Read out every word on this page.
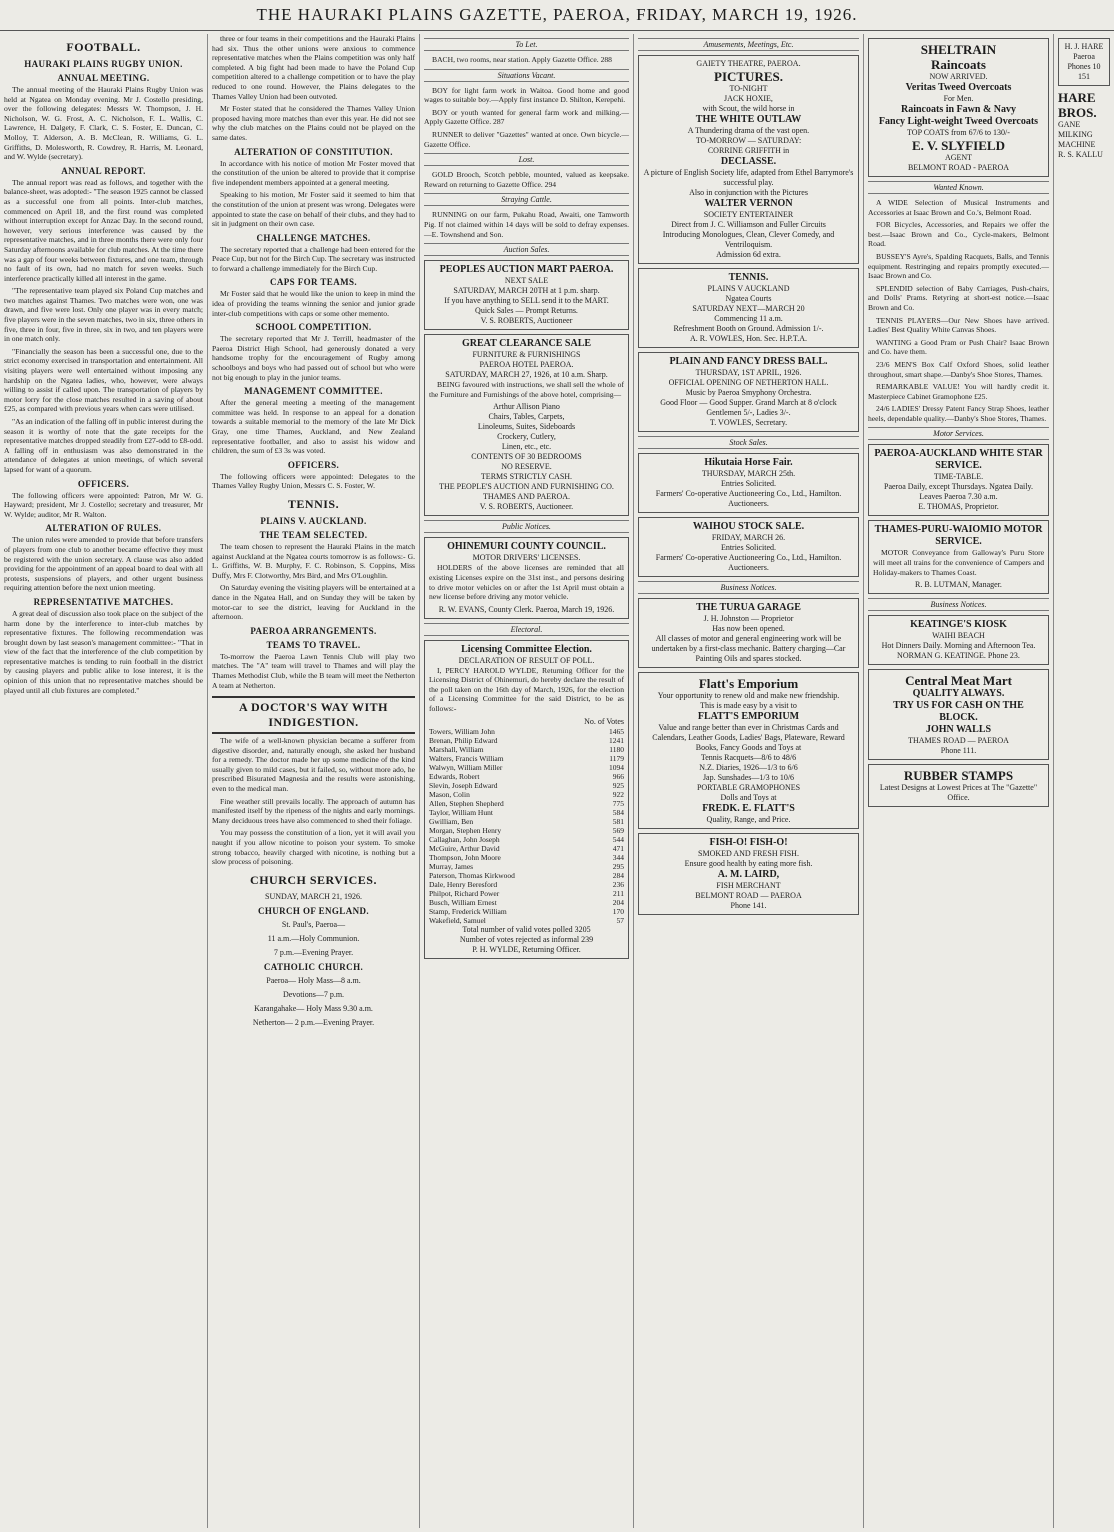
THE HAURAKI PLAINS GAZETTE, PAEROA, FRIDAY, MARCH 19, 1926.
FOOTBALL.
HAURAKI PLAINS RUGBY UNION.
ANNUAL MEETING.

The annual meeting of the Hauraki Plains Rugby Union was held at Ngatea on Monday evening. Mr J. Costello presiding, over the following delegates: Messrs W. Thompson, J. H. Nicholson, W. G. Frost, A. C. Nicholson, F. L. Wallis, C. Lawrence, H. Dalgety, F. Clark, C. S. Foster, E. Duncan, C. Molloy, T. Alderson, A. B. McClean, R. Williams, G. L. Griffiths, D. Molesworth, R. Cowdrey, R. Harris, M. Leonard, and W. Wylde (secretary).

ANNUAL REPORT.

The annual report was read as follows, and together with the balance-sheet, was adopted:- "The season 1925 cannot be classed as a successful one from all points. Inter-club matches, commenced on April 18, and the first round was completed without interruption except for Anzac Day. In the second round, however, very serious interference was caused by the representative matches, and in three months there were only four Saturday afternoons available for club matches. At the time there was a gap of four weeks between fixtures, and one team, through no fault of its own, had no match for seven weeks. Such interference practically killed all interest in the game.

"The representative team played six Poland Cup matches and two matches against Thames. Two matches were won, one was drawn, and five were lost. Only one player was in every match; five players were in the seven matches, two in six, three others in five, three in four, five in three, six in two, and ten players were in one match only.

"Financially the season has been a successful one, due to the strict economy exercised in transportation and entertainment. All visiting players were well entertained without imposing any hardship on the Ngatea ladies, who, however, were always willing to assist if called upon. The transportation of players by motor lorry for the close matches resulted in a saving of about £25, as compared with previous years when cars were utilised.

"As an indication of the falling off in public interest during the season it is worthy of note that the gate receipts for the representative matches dropped steadily from £27-odd to £8-odd. A falling off in enthusiasm was also demonstrated in the attendance of delegates at union meetings, of which several lapsed for want of a quorum.

OFFICERS.

The following officers were appointed: Patron, Mr W. G. Hayward; president, Mr J. Costello; secretary and treasurer, Mr W. Wylde; auditor, Mr R. Walton.

ALTERATION OF RULES.

The union rules were amended to provide that before transfers of players from one club to another became effective they must be registered with the union secretary. A clause was also added providing for the appointment of an appeal board to deal with all protests, suspensions of players, and other urgent business requiring attention before the next union meeting.

REPRESENTATIVE MATCHES.

A great deal of discussion also took place on the subject of the harm done by the interference to inter-club matches by representative fixtures. The following recommendation was brought down by last season's management committee:- "That in view of the fact that the interference of the club competition by representative matches is tending to ruin football in the district by causing players and public alike to lose interest, it is the opinion of this union that no representative matches should be played until all club fixtures are completed."

three or four teams in their competitions and the Hauraki Plains had six. Thus the other unions were anxious to commence representative matches when the Plains competition was only half completed. A big fight had been made to have the Poland Cup competition altered to a challenge competition or to have the play reduced to one round. However, the Plains delegates to the Thames Valley Union had been outvoted.

Mr Foster stated that he considered the Thames Valley Union proposed having more matches than ever this year. He did not see why the club matches on the Plains could not be played on the same dates.

ALTERATION OF CONSTITUTION.

In accordance with his notice of motion Mr Foster moved that the constitution of the union be altered to provide that it comprise five independent members appointed at a general meeting.

Speaking to his motion, Mr Foster said it seemed to him that the constitution of the union at present was wrong. Delegates were appointed to state the case on behalf of their clubs, and they had to sit in judgment on their own case.

CHALLENGE MATCHES.

The secretary reported that a challenge had been entered for the Peace Cup, but not for the Birch Cup. The secretary was instructed to forward a challenge immediately for the Birch Cup.

CAPS FOR TEAMS.

Mr Foster said that he would like the union to keep in mind the idea of providing the teams winning the senior and junior grade inter-club competitions with caps or some other memento.

SCHOOL COMPETITION.

The secretary reported that Mr J. Terrill, headmaster of the Paeroa District High School, had generously donated a very handsome trophy for the encouragement of Rugby among schoolboys and boys who had passed out of school but who were not big enough to play in the junior teams.

MANAGEMENT COMMITTEE.

After the general meeting a meeting of the management committee was held. In response to an appeal for a donation towards a suitable memorial to the memory of the late Mr Dick Gray, one time Thames, Auckland, and New Zealand representative footballer, and also to assist his widow and children, the sum of £3 3s was voted.

OFFICERS.

The following officers were appointed: Delegates to the Thames Valley Rugby Union, Messrs C. S. Foster, W.

TENNIS.
PLAINS V. AUCKLAND.
THE TEAM SELECTED.

The team chosen to represent the Hauraki Plains in the match against Auckland at the Ngatea courts tomorrow is as follows:- G. L. Griffiths, W. B. Murphy, F. C. Robinson, S. Coppins, Miss Duffy, Mrs F. Clotworthy, Mrs Bird, and Mrs O'Loughlin.

On Saturday evening the visiting players will be entertained at a dance in the Ngatea Hall, and on Sunday they will be taken by motor-car to see the district, leaving for Auckland in the afternoon.

PAEROA ARRANGEMENTS.
TEAMS TO TRAVEL.

To-morrow the Paeroa Lawn Tennis Club will play two matches. The "A" team will travel to Thames and will play the Thames Methodist Club, while the B team will meet the Netherton A team at Netherton.

A DOCTOR'S WAY WITH INDIGESTION.

The wife of a well-known physician became a sufferer from digestive disorder, and, naturally enough, she asked her husband for a remedy. The doctor made her up some medicine of the kind usually given to mild cases, but it failed, so, without more ado, he prescribed Bisurated Magnesia and the results were astonishing, even to the medical man.

Fine weather still prevails locally. The approach of autumn has manifested itself by the ripeness of the nights and early mornings. Many deciduous trees have also commenced to shed their foliage.

You may possess the constitution of a lion, yet it will avail you naught if you allow nicotine to poison your system. To smoke strong tobacco, heavily charged with nicotine, is nothing but a slow process of poisoning.

CHURCH SERVICES.

SUNDAY, MARCH 21, 1926.

CHURCH OF ENGLAND.

St. Paul's, Paeroa—

11 a.m.—Holy Communion.

7 p.m.—Evening Prayer.

CATHOLIC CHURCH.

Paeroa— Holy Mass—8 a.m.

Devotions—7 p.m.

Karangahake— Holy Mass 9.30 a.m.

Netherton— 2 p.m.—Evening Prayer.

To Let.

BACH, two rooms, near station. Apply Gazette Office. 288

Situations Vacant.

BOY for light farm work in Waitoa. Good home and good wages to suitable boy.—Apply first instance D. Shilton, Kerepehi.

BOY or youth wanted for general farm work and milking.—Apply Gazette Office. 287

RUNNER to deliver "Gazettes" wanted at once. Own bicycle.—Gazette Office.

Lost.

GOLD Brooch, Scotch pebble, mounted, valued as keepsake. Reward on returning to Gazette Office. 294

Straying Cattle.

RUNNING on our farm, Pukahu Road, Awaiti, one Tamworth Pig. If not claimed within 14 days will be sold to defray expenses.—E. Townshend and Son.

Auction Sales.
PEOPLES AUCTION MART PAEROA.
NEXT SALE
SATURDAY, MARCH 20TH at 1 p.m. sharp.
If you have anything to SELL send it to the MART.
Quick Sales — Prompt Returns.
V. S. ROBERTS, Auctioneer
GREAT CLEARANCE SALE
FURNITURE & FURNISHINGS
PAEROA HOTEL PAEROA.
SATURDAY, MARCH 27, 1926, at 10 a.m. Sharp.

BEING favoured with instructions, we shall sell the whole of the Furniture and Furnishings of the above hotel, comprising—

Arthur Allison Piano
Chairs, Tables, Carpets,
Linoleums, Suites, Sideboards
Crockery, Cutlery,
Linen, etc., etc.
CONTENTS OF 30 BEDROOMS
NO RESERVE.
TERMS STRICTLY CASH.
THE PEOPLE'S AUCTION AND FURNISHING CO.
THAMES AND PAEROA.
V. S. ROBERTS, Auctioneer.
Public Notices.
OHINEMURI COUNTY COUNCIL.
MOTOR DRIVERS' LICENSES.

HOLDERS of the above licenses are reminded that all existing Licenses expire on the 31st inst., and persons desiring to drive motor vehicles on or after the 1st April must obtain a new license before driving any motor vehicle.

R. W. EVANS, County Clerk. Paeroa, March 19, 1926.
Electoral.
Licensing Committee Election.
DECLARATION OF RESULT OF POLL.

I, PERCY HAROLD WYLDE, Returning Officer for the Licensing District of Ohinemuri, do hereby declare the result of the poll taken on the 16th day of March, 1926, for the election of a Licensing Committee for the said District, to be as follows:-

No. of Votes
Towers, William John	1465
Brenan, Philip Edward	1241
Marshall, William	1180
Walters, Francis William	1179
Walwyn, William Miller	1094
Edwards, Robert	966
Slevin, Joseph Edward	925
Mason, Colin	922
Allen, Stephen Shepherd	775
Taylor, William Hunt	584
Gwilliam, Ben	581
Morgan, Stephen Henry	569
Callaghan, John Joseph	544
McGuire, Arthur David	471
Thompson, John Moore	344
Murray, James	295
Paterson, Thomas Kirkwood	284
Dale, Henry Beresford	236
Philpot, Richard Power	211
Busch, William Ernest	204
Stamp, Frederick William	170
Wakefield, Samuel	57
Total number of valid votes polled 3205
Number of votes rejected as informal 239
P. H. WYLDE, Returning Officer.
Amusements, Meetings, Etc.
GAIETY THEATRE, PAEROA.
PICTURES.
TO-NIGHT
JACK HOXIE,
with Scout, the wild horse in
THE WHITE OUTLAW
A Thundering drama of the vast open.
TO-MORROW — SATURDAY:
CORRINE GRIFFITH in
DECLASSE.
A picture of English Society life, adapted from Ethel Barrymore's successful play.
Also in conjunction with the Pictures
WALTER VERNON
SOCIETY ENTERTAINER
Direct from J. C. Williamson and Fuller Circuits
Introducing Monologues, Clean, Clever Comedy, and Ventriloquism.
Admission 6d extra.
TENNIS.
PLAINS V AUCKLAND
Ngatea Courts
SATURDAY NEXT—MARCH 20
Commencing 11 a.m.
Refreshment Booth on Ground. Admission 1/-.
A. R. VOWLES, Hon. Sec. H.P.T.A.
PLAIN AND FANCY DRESS BALL.
THURSDAY, 1ST APRIL, 1926.
OFFICIAL OPENING OF NETHERTON HALL.
Music by Paeroa Smyphony Orchestra.
Good Floor — Good Supper. Grand March at 8 o'clock
Gentlemen 5/-, Ladies 3/-.
T. VOWLES, Secretary.
Stock Sales.
Hikutaia Horse Fair.
THURSDAY, MARCH 25th.
Entries Solicited.
Farmers' Co-operative Auctioneering Co., Ltd., Hamilton. Auctioneers.
WAIHOU STOCK SALE.
FRIDAY, MARCH 26.
Entries Solicited.
Farmers' Co-operative Auctioneering Co., Ltd., Hamilton. Auctioneers.
Business Notices.
THE TURUA GARAGE
J. H. Johnston — Proprietor
Has now been opened.
All classes of motor and general engineering work will be undertaken by a first-class mechanic. Battery charging—Car Painting Oils and spares stocked.
Flatt's Emporium
Your opportunity to renew old and make new friendship.
This is made easy by a visit to
FLATT'S EMPORIUM
Value and range better than ever in Christmas Cards and Calendars, Leather Goods, Ladies' Bags, Plateware, Reward Books, Fancy Goods and Toys at
Tennis Racquets—8/6 to 48/6
N.Z. Diaries, 1926—1/3 to 6/6
Jap. Sunshades—1/3 to 10/6
PORTABLE GRAMOPHONES
Dolls and Toys at
FREDK. E. FLATT'S
Quality, Range, and Price.
FISH-O! FISH-O!
SMOKED AND FRESH FISH.
Ensure good health by eating more fish.
A. M. LAIRD,
FISH MERCHANT
BELMONT ROAD — PAEROA
Phone 141.
SHELTRAIN
Raincoats
NOW ARRIVED.
Veritas Tweed Overcoats
For Men.
Raincoats in Fawn & Navy
Fancy Light-weight Tweed Overcoats
TOP COATS from 67/6 to 130/-
E. V. SLYFIELD
AGENT
BELMONT ROAD - PAEROA
Wanted Known.

A WIDE Selection of Musical Instruments and Accessories at Isaac Brown and Co.'s, Belmont Road.

FOR Bicycles, Accessories, and Repairs we offer the best.—Isaac Brown and Co., Cycle-makers, Belmont Road.

BUSSEY'S Ayre's, Spalding Racquets, Balls, and Tennis equipment. Restringing and repairs promptly executed.—Isaac Brown and Co.

SPLENDID selection of Baby Carriages, Push-chairs, and Dolls' Prams. Retyring at short-est notice.—Isaac Brown and Co.

TENNIS PLAYERS—Our New Shoes have arrived. Ladies' Best Quality White Canvas Shoes.

WANTING a Good Pram or Push Chair? Isaac Brown and Co. have them.

23/6 MEN'S Box Calf Oxford Shoes, solid leather throughout, smart shape.—Danby's Shoe Stores, Thames.

REMARKABLE VALUE! You will hardly credit it. Masterpiece Cabinet Gramophone £25.

24/6 LADIES' Dressy Patent Fancy Strap Shoes, leather heels, dependable quality.—Danby's Shoe Stores, Thames.

Motor Services.
PAEROA-AUCKLAND WHITE STAR SERVICE.
TIME-TABLE.
Paeroa Daily, except Thursdays. Ngatea Daily.
Leaves Paeroa 7.30 a.m.
E. THOMAS, Proprietor.
THAMES-PURU-WAIOMIO MOTOR SERVICE.

MOTOR Conveyance from Galloway's Puru Store will meet all trains for the convenience of Campers and Holiday-makers to Thames Coast.

R. B. LUTMAN, Manager.
Business Notices.
KEATINGE'S KIOSK
WAIHI BEACH
Hot Dinners Daily. Morning and Afternoon Tea.
NORMAN G. KEATINGE. Phone 23.
Central Meat Mart
QUALITY ALWAYS.
TRY US FOR CASH ON THE BLOCK.
JOHN WALLS
THAMES ROAD — PAEROA
Phone 111.
RUBBER STAMPS
Latest Designs at Lowest Prices at The "Gazette" Office.
H. J. HARE Paeroa Phones 10 151
HARE BROS.
GANE MILKING MACHINE
R. S. KALLU
